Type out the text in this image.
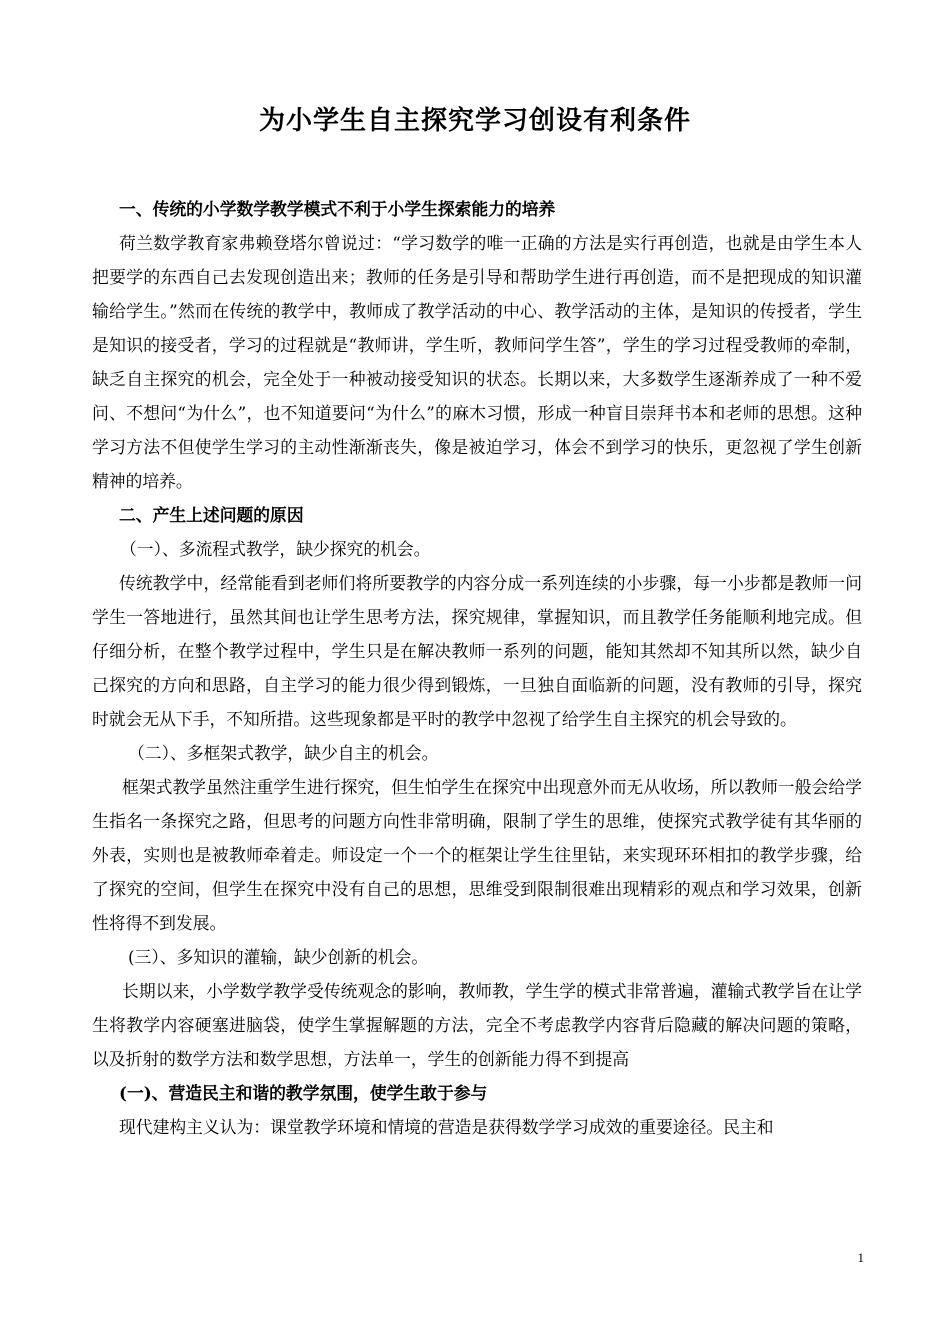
为小学生自主探究学习创设有利条件

一、传统的小学数学教学模式不利于小学生探索能力的培养

荷兰数学教育家弗赖登塔尔曾说过：“学习数学的唯一正确的方法是实行再创造，也就是由学生本人把要学的东西自己去发现创造出来；教师的任务是引导和帮助学生进行再创造，而不是把现成的知识灌输给学生。”然而在传统的教学中，教师成了教学活动的中心、教学活动的主体，是知识的传授者，学生是知识的接受者，学习的过程就是“教师讲，学生听，教师问学生答”，学生的学习过程受教师的牵制，缺乏自主探究的机会，完全处于一种被动接受知识的状态。长期以来，大多数学生逐渐养成了一种不爱问、不想问“为什么”，也不知道要问“为什么”的麻木习惯，形成一种盲目崇拜书本和老师的思想。这种学习方法不但使学生学习的主动性渐渐丧失，像是被迫学习，体会不到学习的快乐，更忽视了学生创新精神的培养。

二、产生上述问题的原因

（一）、多流程式教学，缺少探究的机会。

传统教学中，经常能看到老师们将所要教学的内容分成一系列连续的小步骤，每一小步都是教师一问学生一答地进行，虽然其间也让学生思考方法，探究规律，掌握知识，而且教学任务能顺利地完成。但仔细分析，在整个教学过程中，学生只是在解决教师一系列的问题，能知其然却不知其所以然，缺少自己探究的方向和思路，自主学习的能力很少得到锻炼，一旦独自面临新的问题，没有教师的引导，探究时就会无从下手，不知所措。这些现象都是平时的教学中忽视了给学生自主探究的机会导致的。

（二）、多框架式教学，缺少自主的机会。

框架式教学虽然注重学生进行探究，但生怕学生在探究中出现意外而无从收场，所以教师一般会给学生指名一条探究之路，但思考的问题方向性非常明确，限制了学生的思维，使探究式教学徒有其华丽的外表，实则也是被教师牵着走。师设定一个一个的框架让学生往里钻，来实现环环相扣的教学步骤，给了探究的空间，但学生在探究中没有自己的思想，思维受到限制很难出现精彩的观点和学习效果，创新性将得不到发展。

(三）、多知识的灌输，缺少创新的机会。

长期以来，小学数学教学受传统观念的影响，教师教，学生学的模式非常普遍，灌输式教学旨在让学生将教学内容硬塞进脑袋，使学生掌握解题的方法，完全不考虑教学内容背后隐藏的解决问题的策略，以及折射的数学方法和数学思想，方法单一，学生的创新能力得不到提高

(一)、营造民主和谐的教学氛围，使学生敢于参与

现代建构主义认为：课堂教学环境和情境的营造是获得数学学习成效的重要途径。民主和

1
